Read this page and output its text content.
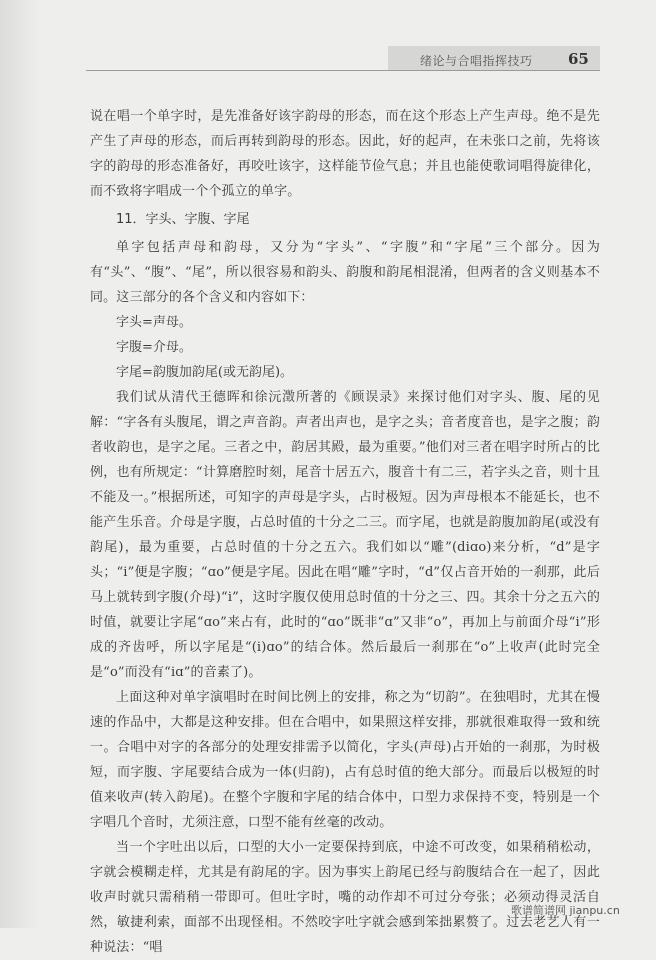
绪论与合唱指挥技巧 65

说在唱一个单字时，是先准备好该字韵母的形态，而在这个形态上产生声母。绝不是先产生了声母的形态，而后再转到韵母的形态。因此，好的起声，在未张口之前，先将该字的韵母的形态准备好，再咬吐该字，这样能节俭气息；并且也能使歌词唱得旋律化，而不致将字唱成一个个孤立的单字。

11．字头、字腹、字尾

单字包括声母和韵母，又分为“字头”、“字腹”和“字尾”三个部分。因为有“头”、“腹”、“尾”，所以很容易和韵头、韵腹和韵尾相混淆，但两者的含义则基本不同。这三部分的各个含义和内容如下：

字头=声母。

字腹=介母。

字尾=韵腹加韵尾(或无韵尾)。

我们试从清代王德晖和徐沅澂所著的《顾误录》来探讨他们对字头、腹、尾的见解：“字各有头腹尾，谓之声音韵。声者出声也，是字之头；音者度音也，是字之腹；韵者收韵也，是字之尾。三者之中，韵居其殿，最为重要。”他们对三者在唱字时所占的比例，也有所规定：“计算磨腔时刻，尾音十居五六，腹音十有二三，若字头之音，则十且不能及一。”根据所述，可知字的声母是字头，占时极短。因为声母根本不能延长，也不能产生乐音。介母是字腹，占总时值的十分之二三。而字尾，也就是韵腹加韵尾(或没有韵尾)，最为重要，占总时值的十分之五六。我们如以“雕”(diɑo)来分析，“d”是字头；“i”便是字腹；“ɑo”便是字尾。因此在唱“雕”字时，“d”仅占音开始的一刹那，此后马上就转到字腹(介母)“i”，这时字腹仅使用总时值的十分之三、四。其余十分之五六的时值，就要让字尾“ɑo”来占有，此时的“ɑo”既非“ɑ”又非“o”，再加上与前面介母“i”形成的齐齿呼，所以字尾是“(i)ɑo”的结合体。然后最后一刹那在“o”上收声(此时完全是“o”而没有“iɑ”的音素了)。

上面这种对单字演唱时在时间比例上的安排，称之为“切韵”。在独唱时，尤其在慢速的作品中，大都是这种安排。但在合唱中，如果照这样安排，那就很难取得一致和统一。合唱中对字的各部分的处理安排需予以简化，字头(声母)占开始的一刹那，为时极短，而字腹、字尾要结合成为一体(归韵)，占有总时值的绝大部分。而最后以极短的时值来收声(转入韵尾)。在整个字腹和字尾的结合体中，口型力求保持不变，特别是一个字唱几个音时，尤须注意，口型不能有丝毫的改动。

当一个字吐出以后，口型的大小一定要保持到底，中途不可改变，如果稍稍松动，字就会模糊走样，尤其是有韵尾的字。因为事实上韵尾已经与韵腹结合在一起了，因此收声时就只需稍稍一带即可。但吐字时，嘴的动作却不可过分夸张；必须动得灵活自然，敏捷利索，面部不出现怪相。不然咬字吐字就会感到笨拙累赘了。过去老艺人有一种说法：“唱

歌谱简谱网 jianpu.cn
